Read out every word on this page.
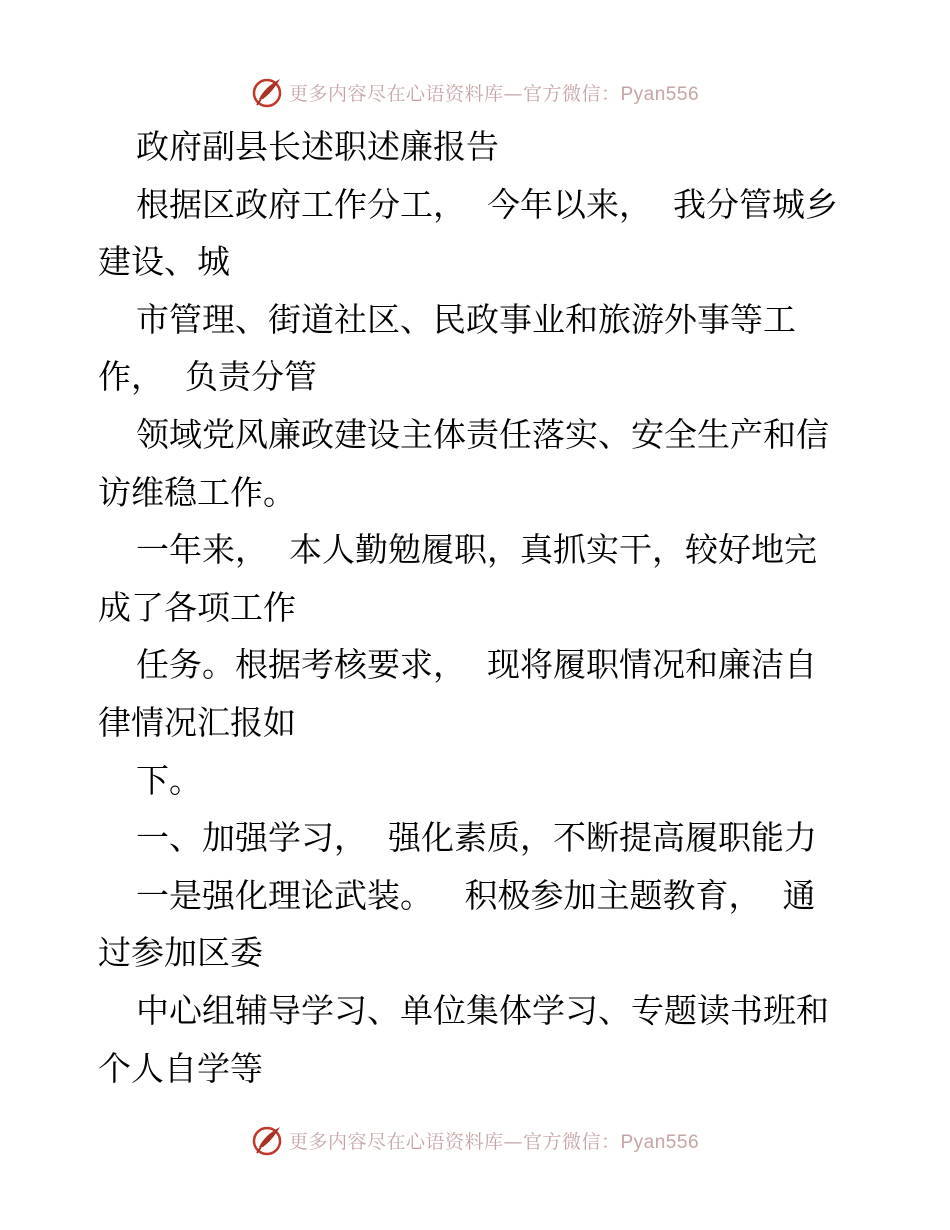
更多内容尽在心语资料库—官方微信：Pyan556
政府副县长述职述廉报告
根据区政府工作分工，  今年以来，  我分管城乡
建设、城
市管理、街道社区、民政事业和旅游外事等工
作，  负责分管
领域党风廉政建设主体责任落实、安全生产和信
访维稳工作。
一年来，  本人勤勉履职，真抓实干，较好地完
成了各项工作
任务。根据考核要求，  现将履职情况和廉洁自
律情况汇报如
下。
一、加强学习，  强化素质，不断提高履职能力
一是强化理论武装。   积极参加主题教育，  通
过参加区委
中心组辅导学习、单位集体学习、专题读书班和
个人自学等
更多内容尽在心语资料库—官方微信：Pyan556
